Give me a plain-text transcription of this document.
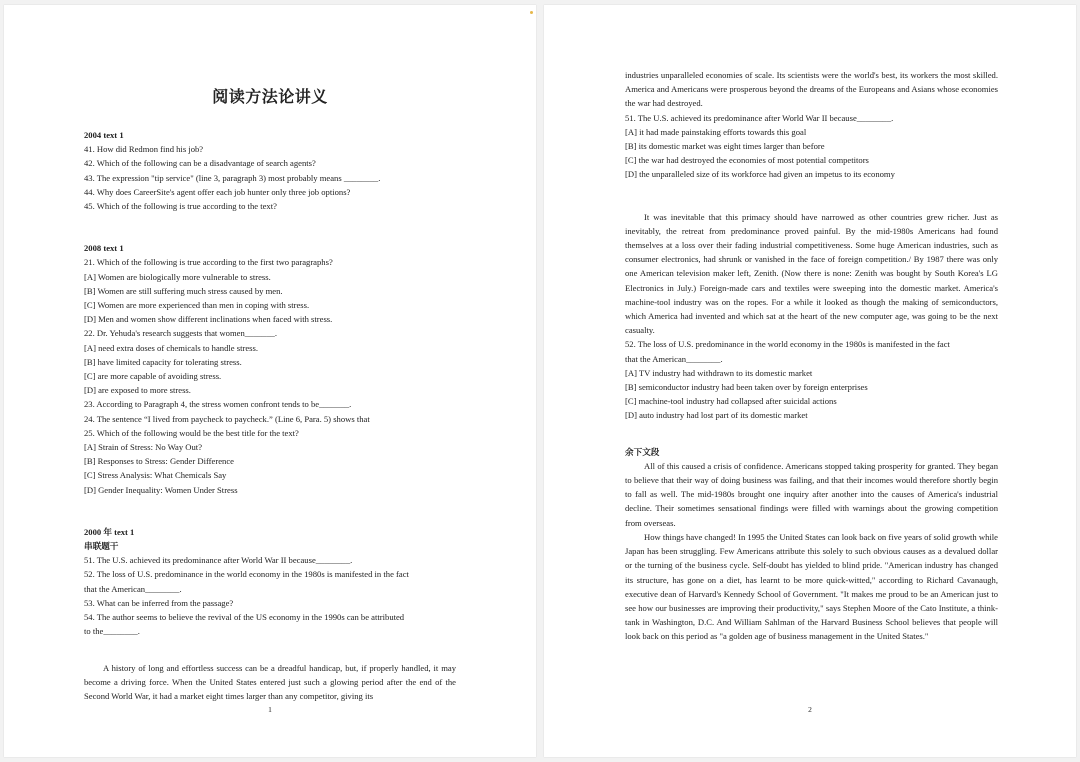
阅读方法论讲义
2004 text 1
41. How did Redmon find his job?
42. Which of the following can be a disadvantage of search agents?
43. The expression "tip service" (line 3, paragraph 3) most probably means ________.
44. Why does CareerSite's agent offer each job hunter only three job options?
45. Which of the following is true according to the text?
2008 text 1
21. Which of the following is true according to the first two paragraphs?
[A] Women are biologically more vulnerable to stress.
[B] Women are still suffering much stress caused by men.
[C] Women are more experienced than men in coping with stress.
[D] Men and women show different inclinations when faced with stress.
22. Dr. Yehuda's research suggests that women_______.
[A] need extra doses of chemicals to handle stress.
[B] have limited capacity for tolerating stress.
[C] are more capable of avoiding stress.
[D] are exposed to more stress.
23. According to Paragraph 4, the stress women confront tends to be_______.
24. The sentence “I lived from paycheck to paycheck.” (Line 6, Para. 5) shows that
25. Which of the following would be the best title for the text?
[A] Strain of Stress: No Way Out?
[B] Responses to Stress: Gender Difference
[C] Stress Analysis: What Chemicals Say
[D] Gender Inequality: Women Under Stress
2000 年 text 1
串联题干
51. The U.S. achieved its predominance after World War II because________.
52. The loss of U.S. predominance in the world economy in the 1980s is manifested in the fact
that the American________.
53. What can be inferred from the passage?
54. The author seems to believe the revival of the US economy in the 1990s can be attributed
to the________.
A history of long and effortless success can be a dreadful handicap, but, if properly handled, it may become a driving force. When the United States entered just such a glowing period after the end of the Second World War, it had a market eight times larger than any competitor, giving its
1
industries unparalleled economies of scale. Its scientists were the world's best, its workers the most skilled. America and Americans were prosperous beyond the dreams of the Europeans and Asians whose economies the war had destroyed.
51. The U.S. achieved its predominance after World War II because________.
[A] it had made painstaking efforts towards this goal
[B] its domestic market was eight times larger than before
[C] the war had destroyed the economies of most potential competitors
[D] the unparalleled size of its workforce had given an impetus to its economy
It was inevitable that this primacy should have narrowed as other countries grew richer. Just as inevitably, the retreat from predominance proved painful. By the mid-1980s Americans had found themselves at a loss over their fading industrial competitiveness. Some huge American industries, such as consumer electronics, had shrunk or vanished in the face of foreign competition./ By 1987 there was only one American television maker left, Zenith. (Now there is none: Zenith was bought by South Korea's LG Electronics in July.) Foreign-made cars and textiles were sweeping into the domestic market. America's machine-tool industry was on the ropes. For a while it looked as though the making of semiconductors, which America had invented and which sat at the heart of the new computer age, was going to be the next casualty.
52. The loss of U.S. predominance in the world economy in the 1980s is manifested in the fact
that the American________.
[A] TV industry had withdrawn to its domestic market
[B] semiconductor industry had been taken over by foreign enterprises
[C] machine-tool industry had collapsed after suicidal actions
[D] auto industry had lost part of its domestic market
余下文段
All of this caused a crisis of confidence. Americans stopped taking prosperity for granted. They began to believe that their way of doing business was failing, and that their incomes would therefore shortly begin to fall as well. The mid-1980s brought one inquiry after another into the causes of America's industrial decline. Their sometimes sensational findings were filled with warnings about the growing competition from overseas.
How things have changed! In 1995 the United States can look back on five years of solid growth while Japan has been struggling. Few Americans attribute this solely to such obvious causes as a devalued dollar or the turning of the business cycle. Self-doubt has yielded to blind pride. "American industry has changed its structure, has gone on a diet, has learnt to be more quick-witted," according to Richard Cavanaugh, executive dean of Harvard's Kennedy School of Government. "It makes me proud to be an American just to see how our businesses are improving their productivity," says Stephen Moore of the Cato Institute, a think-tank in Washington, D.C. And William Sahlman of the Harvard Business School believes that people will look back on this period as "a golden age of business management in the United States."
2
